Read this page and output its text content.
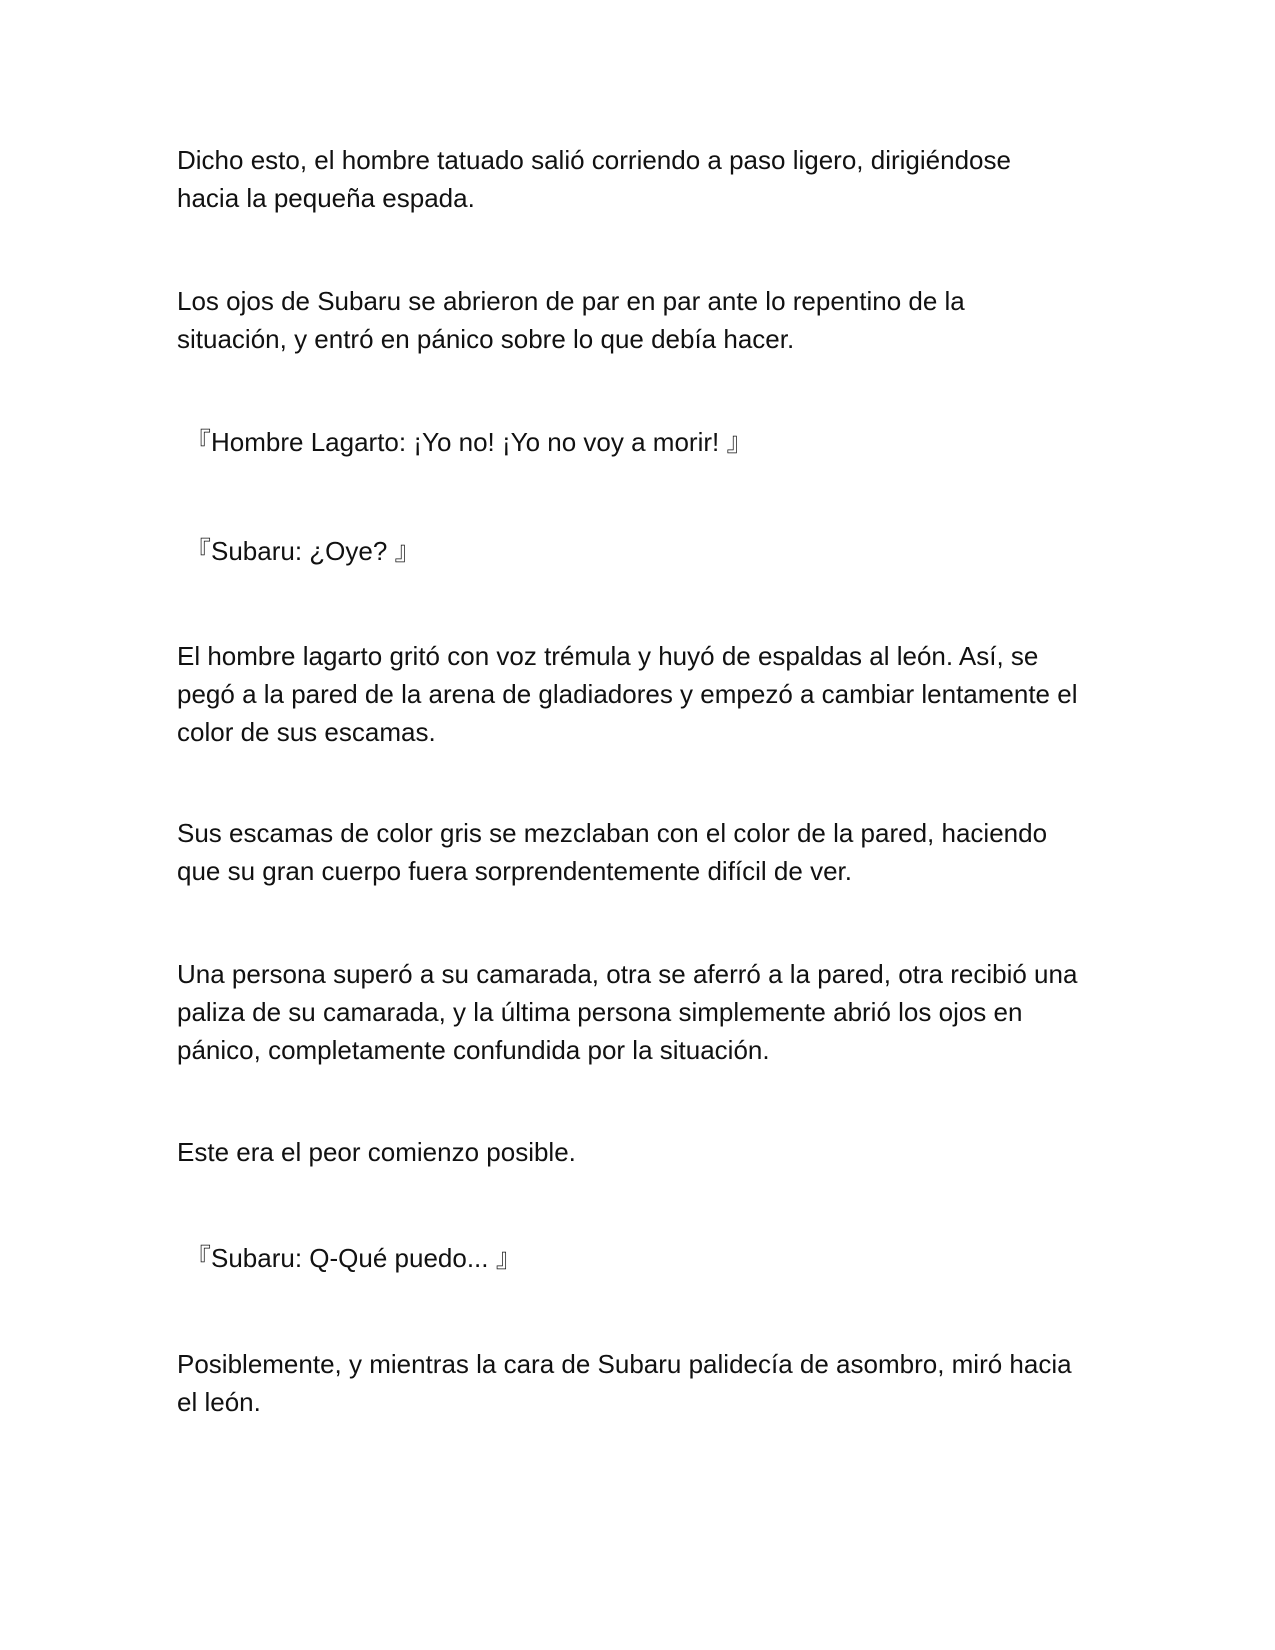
Dicho esto, el hombre tatuado salió corriendo a paso ligero, dirigiéndose
hacia la pequeña espada.
Los ojos de Subaru se abrieron de par en par ante lo repentino de la
situación, y entró en pánico sobre lo que debía hacer.
『Hombre Lagarto: ¡Yo no! ¡Yo no voy a morir! 』
『Subaru: ¿Oye? 』
El hombre lagarto gritó con voz trémula y huyó de espaldas al león. Así, se
pegó a la pared de la arena de gladiadores y empezó a cambiar lentamente el
color de sus escamas.
Sus escamas de color gris se mezclaban con el color de la pared, haciendo
que su gran cuerpo fuera sorprendentemente difícil de ver.
Una persona superó a su camarada, otra se aferró a la pared, otra recibió una
paliza de su camarada, y la última persona simplemente abrió los ojos en
pánico, completamente confundida por la situación.
Este era el peor comienzo posible.
『Subaru: Q-Qué puedo... 』
Posiblemente, y mientras la cara de Subaru palidecía de asombro, miró hacia
el león.
